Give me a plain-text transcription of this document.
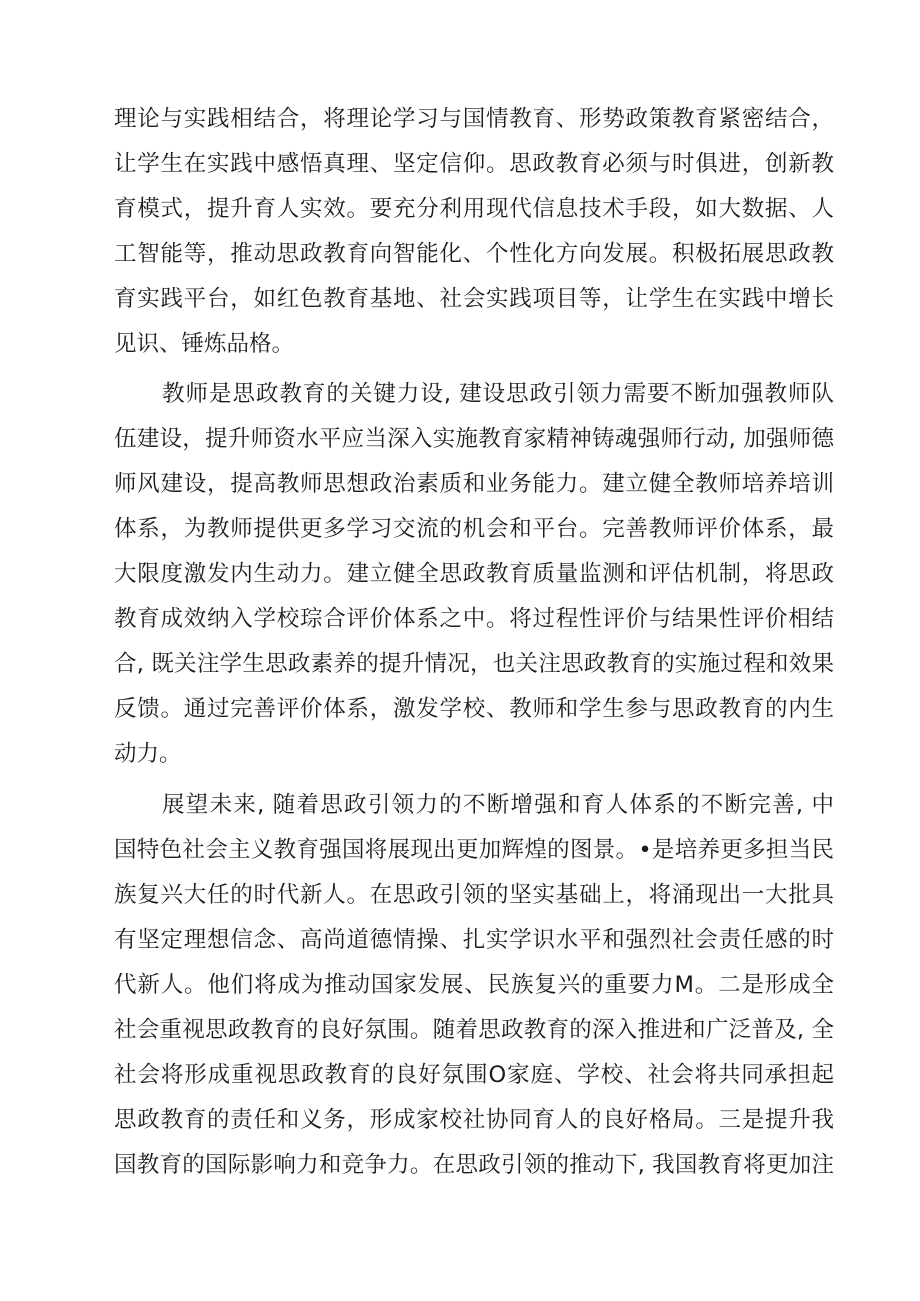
理论与实践相结合，将理论学习与国情教育、形势政策教育紧密结合，
让学生在实践中感悟真理、坚定信仰。思政教育必须与时俱进，创新教
育模式，提升育人实效。要充分利用现代信息技术手段，如大数据、人
工智能等，推动思政教育向智能化、个性化方向发展。积极拓展思政教
育实践平台，如红色教育基地、社会实践项目等，让学生在实践中增长
见识、锤炼品格。
教师是思政教育的关键力设, 建设思政引领力需要不断加强教师队
伍建设，提升师资水平应当深入实施教育家精神铸魂强师行动, 加强师德
师风建设，提高教师思想政治素质和业务能力。建立健全教师培养培训
体系，为教师提供更多学习交流的机会和平台。完善教师评价体系，最
大限度激发内生动力。建立健全思政教育质量监测和评估机制，将思政
教育成效纳入学校琮合评价体系之中。将过程性评价与结果性评价相结
合, 既关注学生思政素养的提升情况，也关注思政教育的实施过程和效果
反馈。通过完善评价体系，激发学校、教师和学生参与思政教育的内生
动力。
展望未来, 随着思政引领力的不断增强和育人体系的不断完善, 中
国特色社会主义教育强国将展现出更加辉煌的图景。•是培养更多担当民
族复兴大任的时代新人。在思政引领的坚实基础上，将涌现出一大批具
有坚定理想信念、高尚道德情操、扎实学识水平和强烈社会责任感的时
代新人。他们将成为推动国家发展、民族复兴的重要力M。二是形成全
社会重视思政教育的良好氛围。随着思政教育的深入推进和广泛普及, 全
社会将形成重视思政教育的良好氛围O家庭、学校、社会将共同承担起
思政教育的责任和义务，形成家校社协同育人的良好格局。三是提升我
国教育的国际影响力和竞争力。在思政引领的推动下, 我国教育将更加注
